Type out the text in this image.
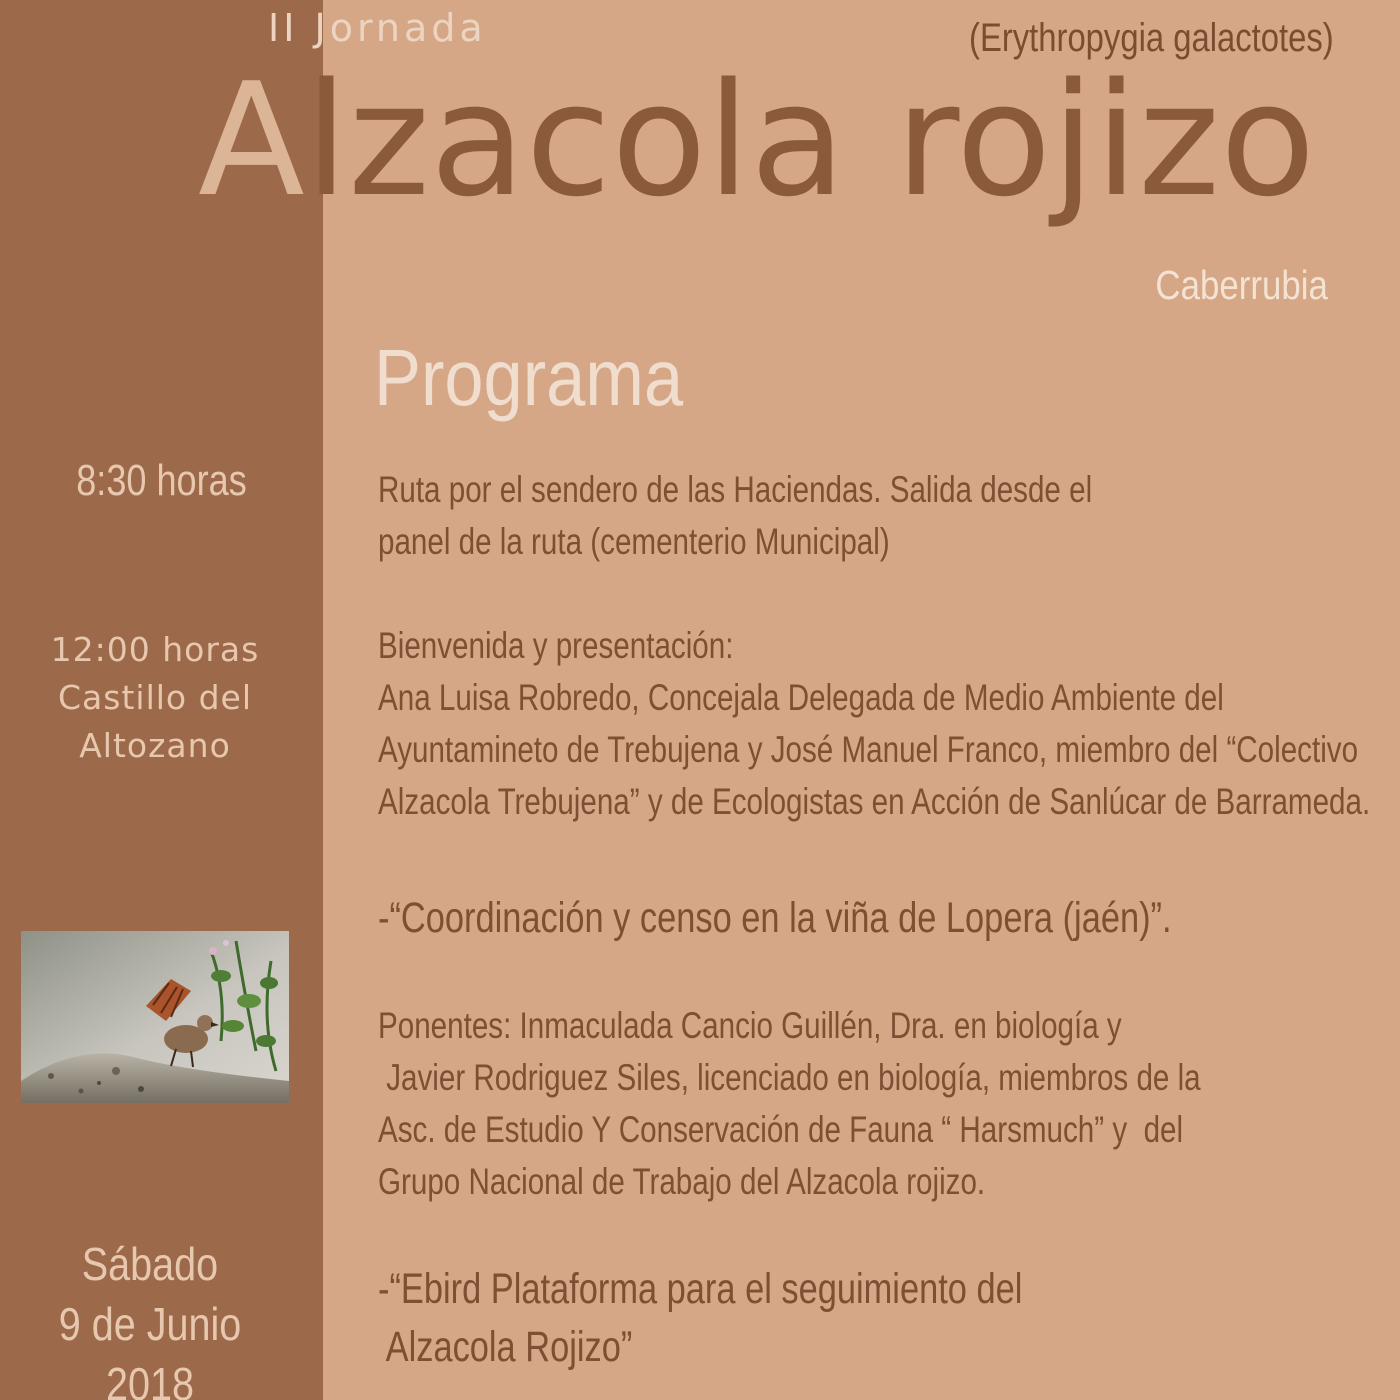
II Jornada	(Erythropygia galactotes)
Alzacola rojizo
Caberrubia
Programa
8:30 horas
12:00 horas
Castillo del
Altozano
Sábado
9 de Junio
2018
Ruta por el sendero de las Haciendas. Salida desde el
panel de la ruta (cementerio Municipal)
Bienvenida y presentación:
Ana Luisa Robredo, Concejala Delegada de Medio Ambiente del
Ayuntamineto de Trebujena y José Manuel Franco, miembro del “Colectivo
Alzacola Trebujena” y de Ecologistas en Acción de Sanlúcar de Barrameda.
-“Coordinación y censo en la viña de Lopera (jaén)”.
Ponentes: Inmaculada Cancio Guillén, Dra. en biología y
Javier Rodriguez Siles, licenciado en biología, miembros de la
Asc. de Estudio Y Conservación de Fauna “ Harsmuch” y  del
Grupo Nacional de Trabajo del Alzacola rojizo.
-“Ebird Plataforma para el seguimiento del
Alzacola Rojizo”
